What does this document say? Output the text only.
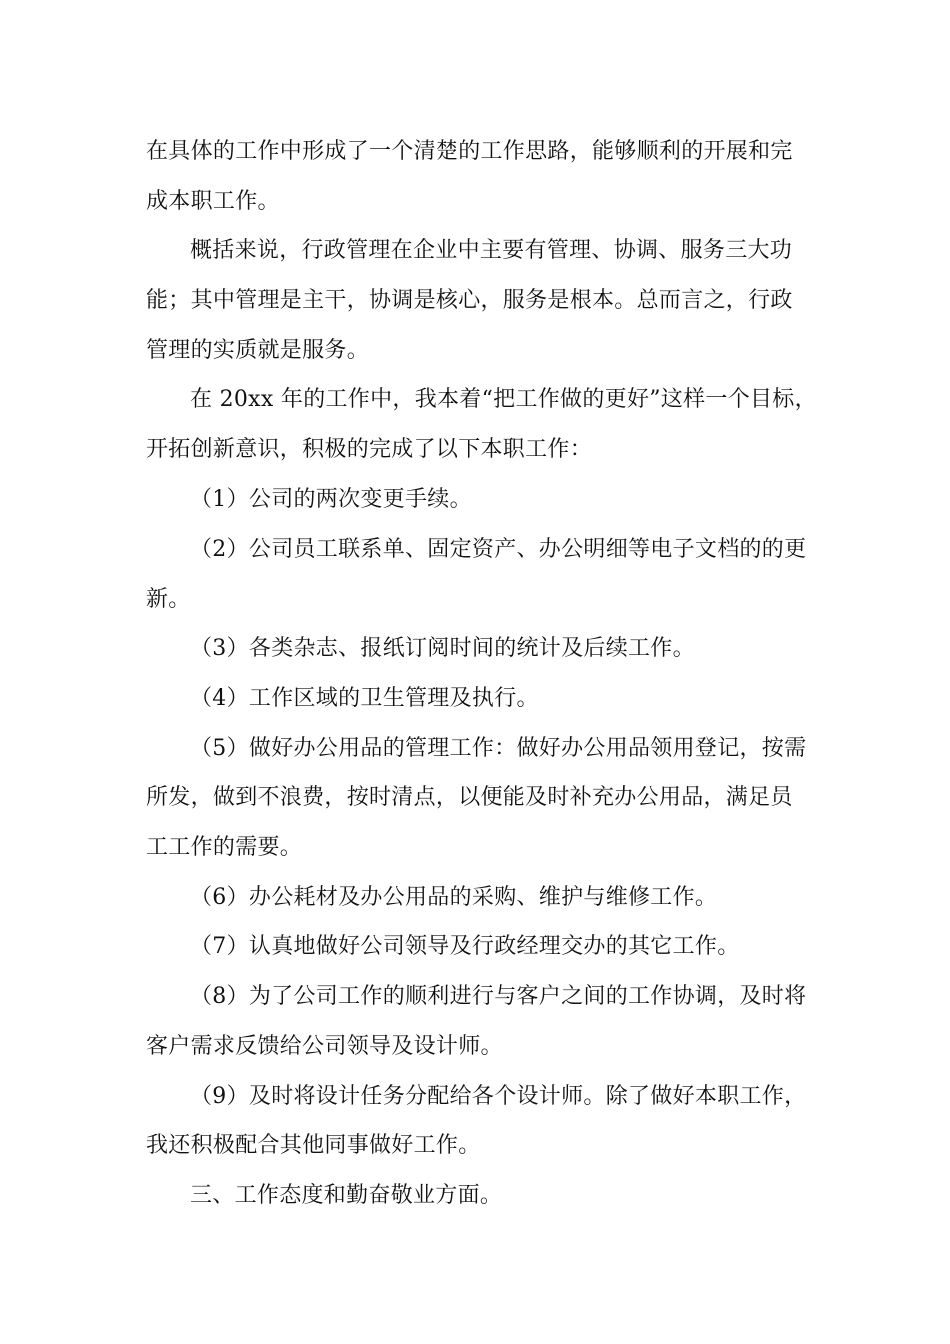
在具体的工作中形成了一个清楚的工作思路，能够顺利的开展和完
成本职工作。
概括来说，行政管理在企业中主要有管理、协调、服务三大功
能；其中管理是主干，协调是核心，服务是根本。总而言之，行政
管理的实质就是服务。
在 20xx 年的工作中，我本着“把工作做的更好”这样一个目标，
开拓创新意识，积极的完成了以下本职工作：
（1）公司的两次变更手续。
（2）公司员工联系单、固定资产、办公明细等电子文档的的更
新。
（3）各类杂志、报纸订阅时间的统计及后续工作。
（4）工作区域的卫生管理及执行。
（5）做好办公用品的管理工作：做好办公用品领用登记，按需
所发，做到不浪费，按时清点，以便能及时补充办公用品，满足员
工工作的需要。
（6）办公耗材及办公用品的采购、维护与维修工作。
（7）认真地做好公司领导及行政经理交办的其它工作。
（8）为了公司工作的顺利进行与客户之间的工作协调，及时将
客户需求反馈给公司领导及设计师。
（9）及时将设计任务分配给各个设计师。除了做好本职工作，
我还积极配合其他同事做好工作。
三、工作态度和勤奋敬业方面。
